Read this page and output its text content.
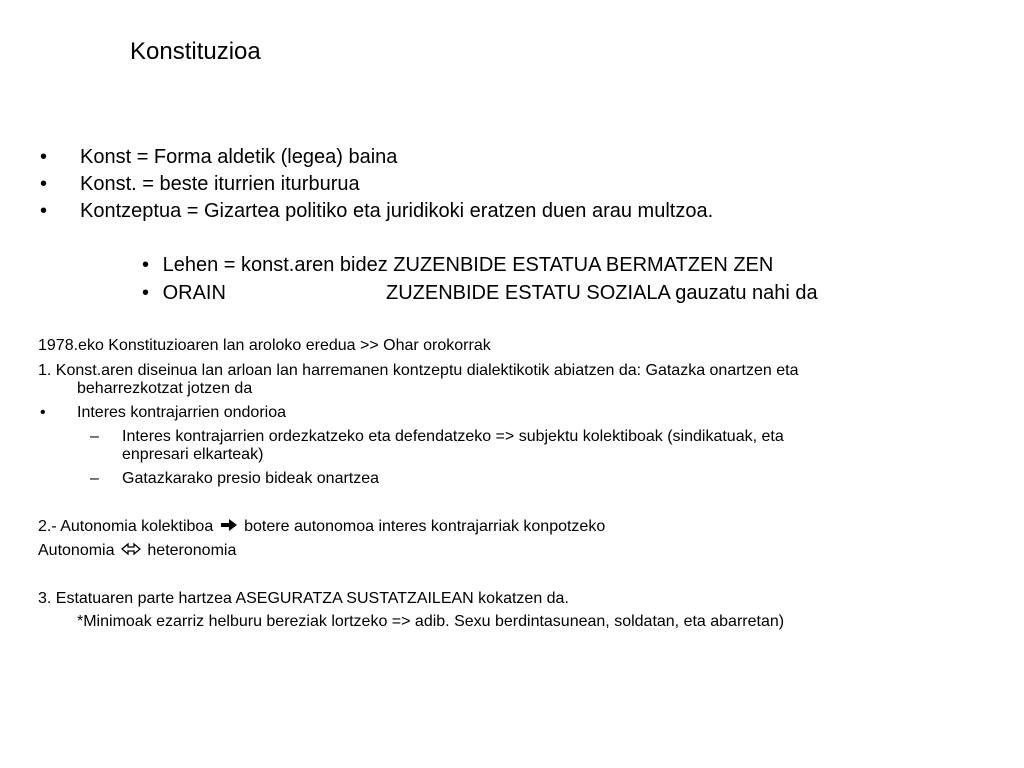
Konstituzioa
• Konst = Forma aldetik (legea) baina
• Konst. = beste iturrien iturburua
• Kontzeptua = Gizartea politiko eta juridikoki eratzen duen arau multzoa.
• Lehen = konst.aren bidez ZUZENBIDE ESTATUA BERMATZEN ZEN
• ORAIN	ZUZENBIDE ESTATU SOZIALA gauzatu nahi da
1978.eko Konstituzioaren lan aroloko eredua >> Ohar orokorrak
1. Konst.aren diseinua lan arloan lan harremanen kontzeptu dialektikotik abiatzen da: Gatazka onartzen eta
beharrezkotzat jotzen da
• Interes kontrajarrien ondorioa
– Interes kontrajarrien ordezkatzeko eta defendatzeko => subjektu kolektiboak (sindikatuak, eta
enpresari elkarteak)
– Gatazkarako presio bideak onartzea
2.- Autonomia kolektiboa botere autonomoa interes kontrajarriak konpotzeko
Autonomia heteronomia
3. Estatuaren parte hartzea ASEGURATZA SUSTATZAILEAN kokatzen da.
*Minimoak ezarriz helburu bereziak lortzeko => adib. Sexu berdintasunean, soldatan, eta abarretan)
